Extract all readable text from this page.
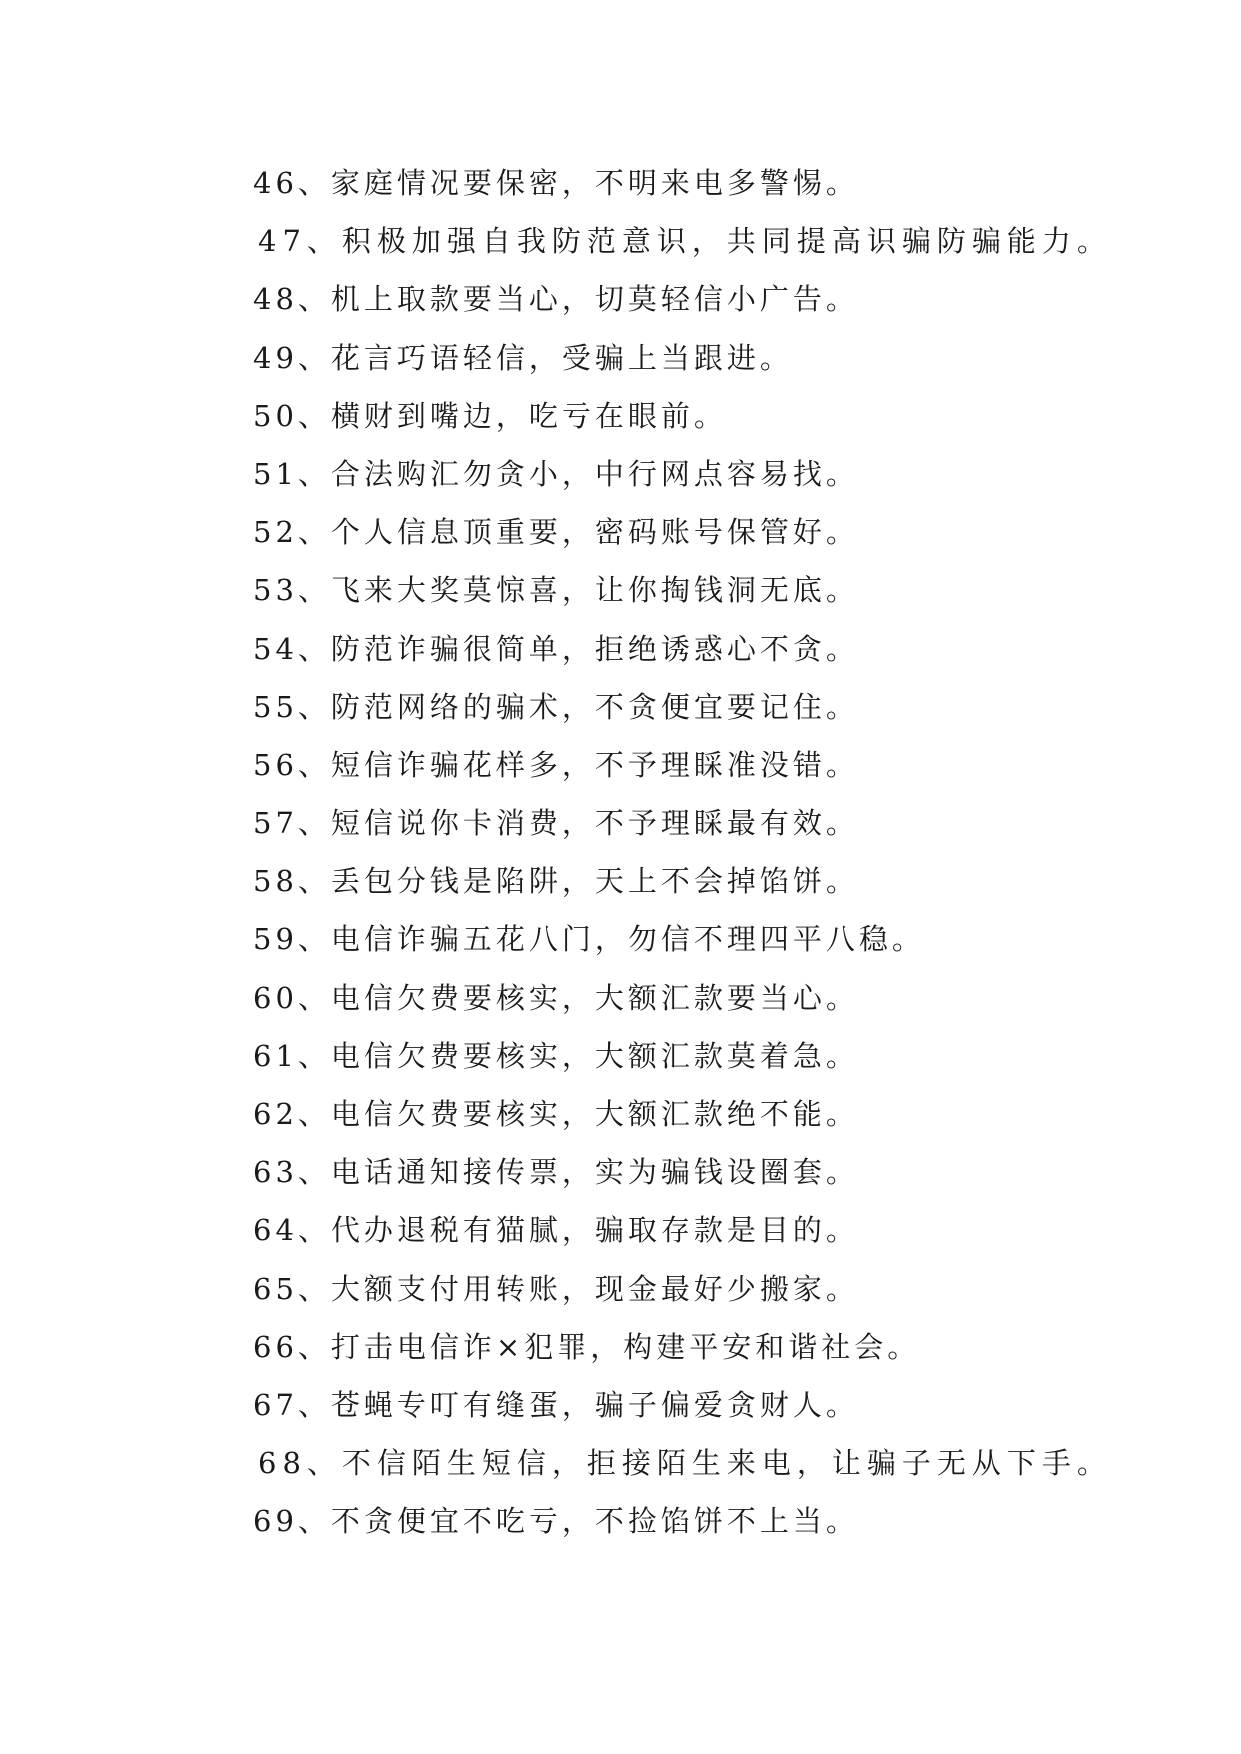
46、家庭情况要保密，不明来电多警惕。
47、积极加强自我防范意识，共同提高识骗防骗能力。
48、机上取款要当心，切莫轻信小广告。
49、花言巧语轻信，受骗上当跟进。
50、横财到嘴边，吃亏在眼前。
51、合法购汇勿贪小，中行网点容易找。
52、个人信息顶重要，密码账号保管好。
53、飞来大奖莫惊喜，让你掏钱洞无底。
54、防范诈骗很简单，拒绝诱惑心不贪。
55、防范网络的骗术，不贪便宜要记住。
56、短信诈骗花样多，不予理睬准没错。
57、短信说你卡消费，不予理睬最有效。
58、丢包分钱是陷阱，天上不会掉馅饼。
59、电信诈骗五花八门，勿信不理四平八稳。
60、电信欠费要核实，大额汇款要当心。
61、电信欠费要核实，大额汇款莫着急。
62、电信欠费要核实，大额汇款绝不能。
63、电话通知接传票，实为骗钱设圈套。
64、代办退税有猫腻，骗取存款是目的。
65、大额支付用转账，现金最好少搬家。
66、打击电信诈×犯罪，构建平安和谐社会。
67、苍蝇专叮有缝蛋，骗子偏爱贪财人。
68、不信陌生短信，拒接陌生来电，让骗子无从下手。
69、不贪便宜不吃亏，不捡馅饼不上当。
